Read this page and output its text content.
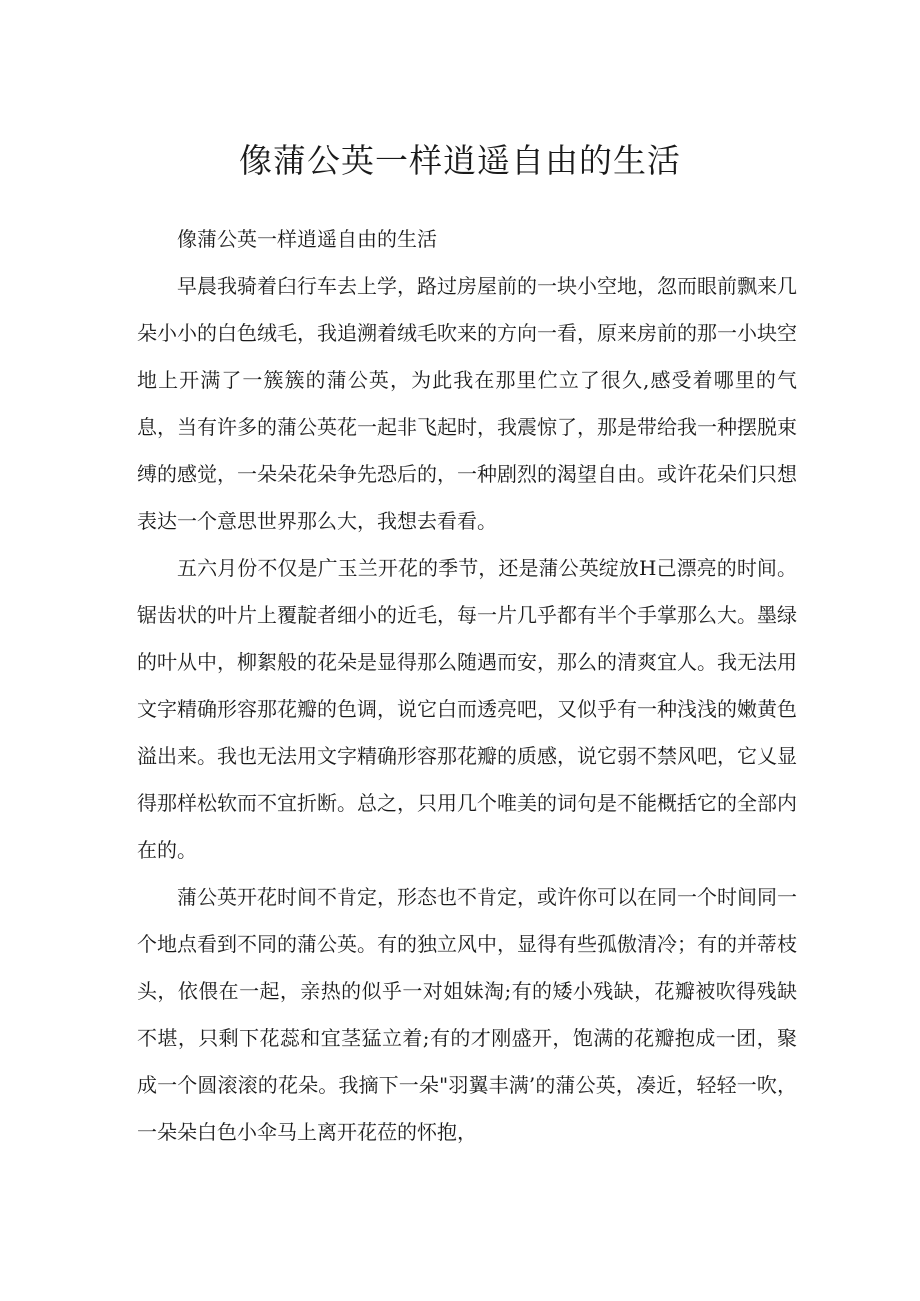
像蒲公英一样逍遥自由的生活

像蒲公英一样逍遥自由的生活

早晨我骑着臼行车去上学，路过房屋前的一块小空地，忽而眼前飘来几朵小小的白色绒毛，我追溯着绒毛吹来的方向一看，原来房前的那一小块空地上开满了一簇簇的蒲公英，为此我在那里伫立了很久,感受着哪里的气息，当有许多的蒲公英花一起非飞起时，我震惊了，那是带给我一种摆脱束缚的感觉，一朵朵花朵争先恐后的，一种剧烈的渴望自由。或许花朵们只想表达一个意思世界那么大，我想去看看。

五六月份不仅是广玉兰开花的季节，还是蒲公英绽放H己漂亮的时间。锯齿状的叶片上覆靛者细小的近毛，每一片几乎都有半个手掌那么大。墨绿的叶从中，柳絮般的花朵是显得那么随遇而安，那么的清爽宜人。我无法用文字精确形容那花瓣的色调，说它白而透亮吧，又似乎有一种浅浅的嫩黄色溢出来。我也无法用文字精确形容那花瓣的质感，说它弱不禁风吧，它乂显得那样松软而不宜折断。总之，只用几个唯美的词句是不能概括它的全部内在的。

蒲公英开花时间不肯定，形态也不肯定，或许你可以在同一个时间同一个地点看到不同的蒲公英。有的独立风中，显得有些孤傲清冷；有的并蒂枝头，依偎在一起，亲热的似乎一对姐妹淘;有的矮小残缺，花瓣被吹得残缺不堪，只剩下花蕊和宜茎猛立着;有的才刚盛开，饱满的花瓣抱成一团，聚成一个圆滚滚的花朵。我摘下一朵"羽翼丰满’的蒲公英，凑近，轻轻一吹，一朵朵白色小伞马上离开花莅的怀抱，
